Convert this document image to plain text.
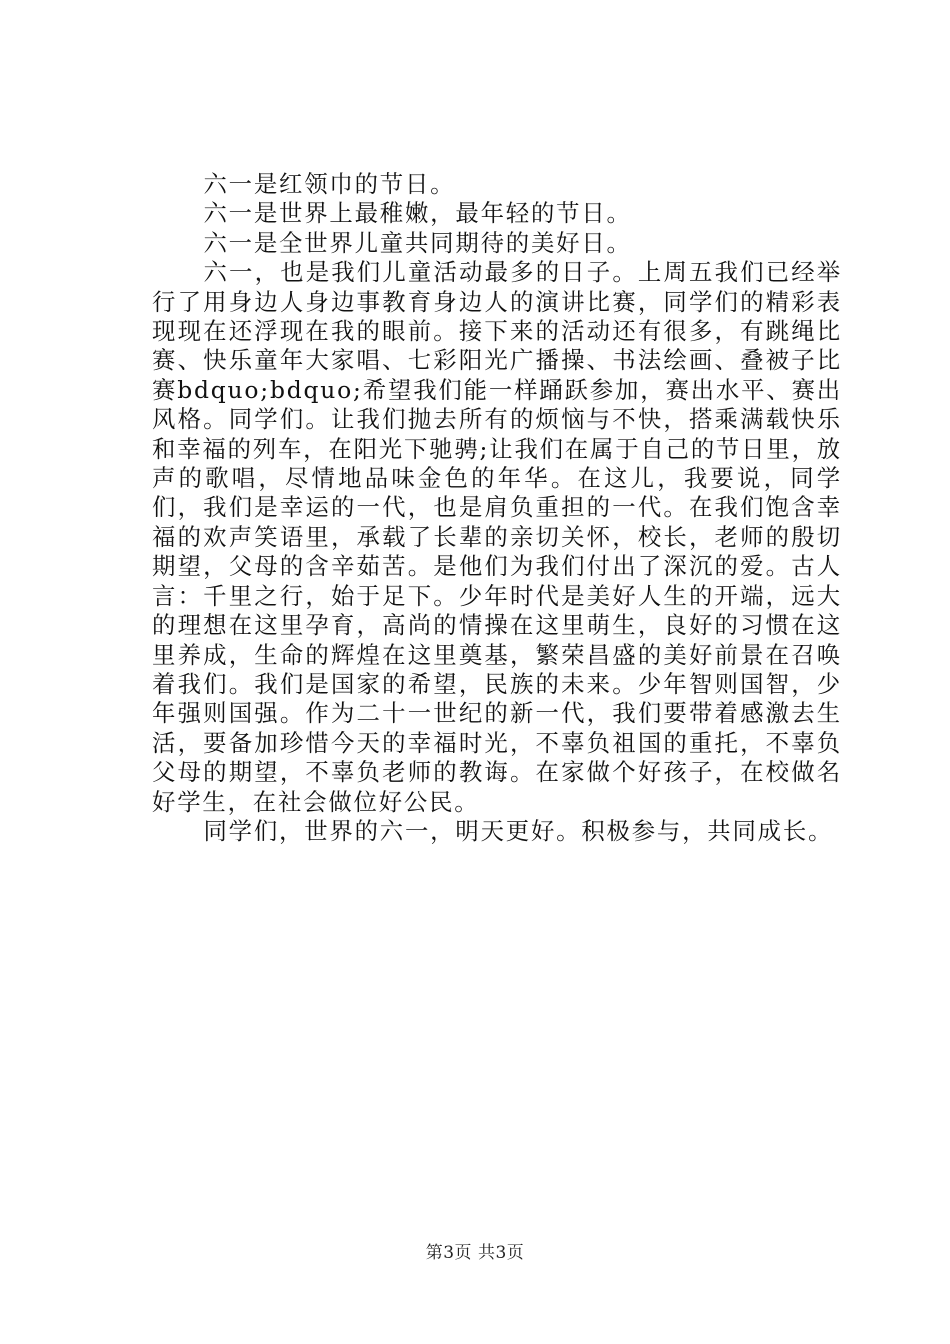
六一是红领巾的节日。

六一是世界上最稚嫩，最年轻的节日。

六一是全世界儿童共同期待的美好日。

六一，也是我们儿童活动最多的日子。上周五我们已经举行了用身边人身边事教育身边人的演讲比赛，同学们的精彩表现现在还浮现在我的眼前。接下来的活动还有很多，有跳绳比赛、快乐童年大家唱、七彩阳光广播操、书法绘画、叠被子比赛bdquo;bdquo;希望我们能一样踊跃参加，赛出水平、赛出风格。同学们。让我们抛去所有的烦恼与不快，搭乘满载快乐和幸福的列车，在阳光下驰骋;让我们在属于自己的节日里，放声的歌唱，尽情地品味金色的年华。在这儿，我要说，同学们，我们是幸运的一代，也是肩负重担的一代。在我们饱含幸福的欢声笑语里，承载了长辈的亲切关怀，校长，老师的殷切期望，父母的含辛茹苦。是他们为我们付出了深沉的爱。古人言：千里之行，始于足下。少年时代是美好人生的开端，远大的理想在这里孕育，高尚的情操在这里萌生，良好的习惯在这里养成，生命的辉煌在这里奠基，繁荣昌盛的美好前景在召唤着我们。我们是国家的希望，民族的未来。少年智则国智，少年强则国强。作为二十一世纪的新一代，我们要带着感激去生活，要备加珍惜今天的幸福时光，不辜负祖国的重托，不辜负父母的期望，不辜负老师的教诲。在家做个好孩子，在校做名好学生，在社会做位好公民。

同学们，世界的六一，明天更好。积极参与，共同成长。

第3页 共3页
